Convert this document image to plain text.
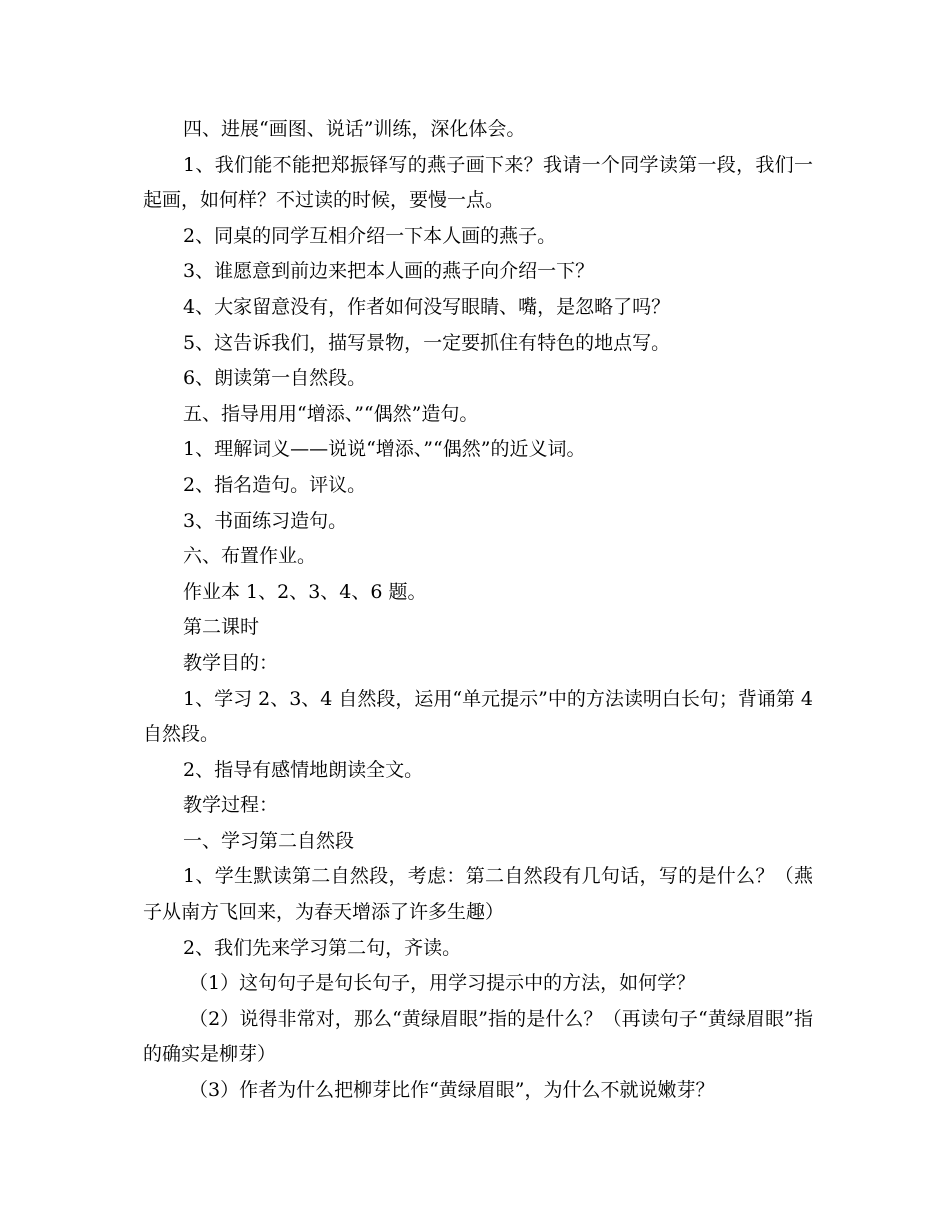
四、进展“画图、说话”训练，深化体会。

1、我们能不能把郑振铎写的燕子画下来？我请一个同学读第一段，我们一起画，如何样？不过读的时候，要慢一点。

2、同桌的同学互相介绍一下本人画的燕子。

3、谁愿意到前边来把本人画的燕子向介绍一下？

4、大家留意没有，作者如何没写眼睛、嘴，是忽略了吗？

5、这告诉我们，描写景物，一定要抓住有特色的地点写。

6、朗读第一自然段。

五、指导用用“增添、”“偶然”造句。

1、理解词义——说说“增添、”“偶然”的近义词。

2、指名造句。评议。

3、书面练习造句。

六、布置作业。

作业本 1、2、3、4、6 题。

第二课时

教学目的：

1、学习 2、3、4 自然段，运用“单元提示”中的方法读明白长句；背诵第 4 自然段。

2、指导有感情地朗读全文。

教学过程：

一、学习第二自然段

1、学生默读第二自然段，考虑：第二自然段有几句话，写的是什么？（燕子从南方飞回来，为春天增添了许多生趣）

2、我们先来学习第二句，齐读。

（1）这句句子是句长句子，用学习提示中的方法，如何学？

（2）说得非常对，那么“黄绿眉眼”指的是什么？（再读句子“黄绿眉眼”指的确实是柳芽）

（3）作者为什么把柳芽比作“黄绿眉眼”，为什么不就说嫩芽？
